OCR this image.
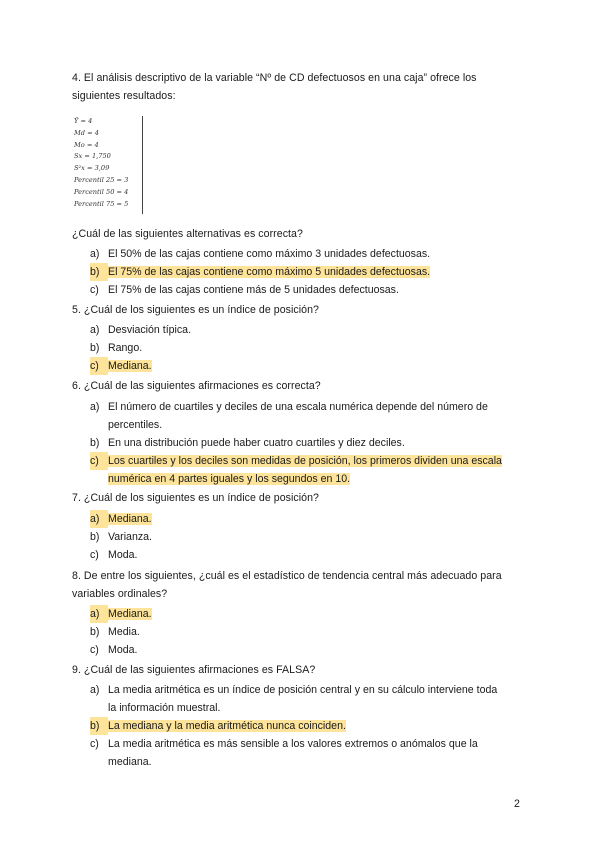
4. El análisis descriptivo de la variable “Nº de CD defectuosos en una caja” ofrece los
siguientes resultados:
Ȳ = 4
Md = 4
Mo = 4
Sx = 1,750
S²x = 3,09
Percentil 25 = 3
Percentil 50 = 4
Percentil 75 = 5
¿Cuál de las siguientes alternativas es correcta?
a) El 50% de las cajas contiene como máximo 3 unidades defectuosas.
b) El 75% de las cajas contiene como máximo 5 unidades defectuosas.
c) El 75% de las cajas contiene más de 5 unidades defectuosas.
5. ¿Cuál de los siguientes es un índice de posición?
a) Desviación típica.
b) Rango.
c) Mediana.
6. ¿Cuál de las siguientes afirmaciones es correcta?
a) El número de cuartiles y deciles de una escala numérica depende del número de
percentiles.
b) En una distribución puede haber cuatro cuartiles y diez deciles.
c) Los cuartiles y los deciles son medidas de posición, los primeros dividen una escala
numérica en 4 partes iguales y los segundos en 10.
7. ¿Cuál de los siguientes es un índice de posición?
a) Mediana.
b) Varianza.
c) Moda.
8. De entre los siguientes, ¿cuál es el estadístico de tendencia central más adecuado para
variables ordinales?
a) Mediana.
b) Media.
c) Moda.
9. ¿Cuál de las siguientes afirmaciones es FALSA?
a) La media aritmética es un índice de posición central y en su cálculo interviene toda
la información muestral.
b) La mediana y la media aritmética nunca coinciden.
c) La media aritmética es más sensible a los valores extremos o anómalos que la
mediana.
2
